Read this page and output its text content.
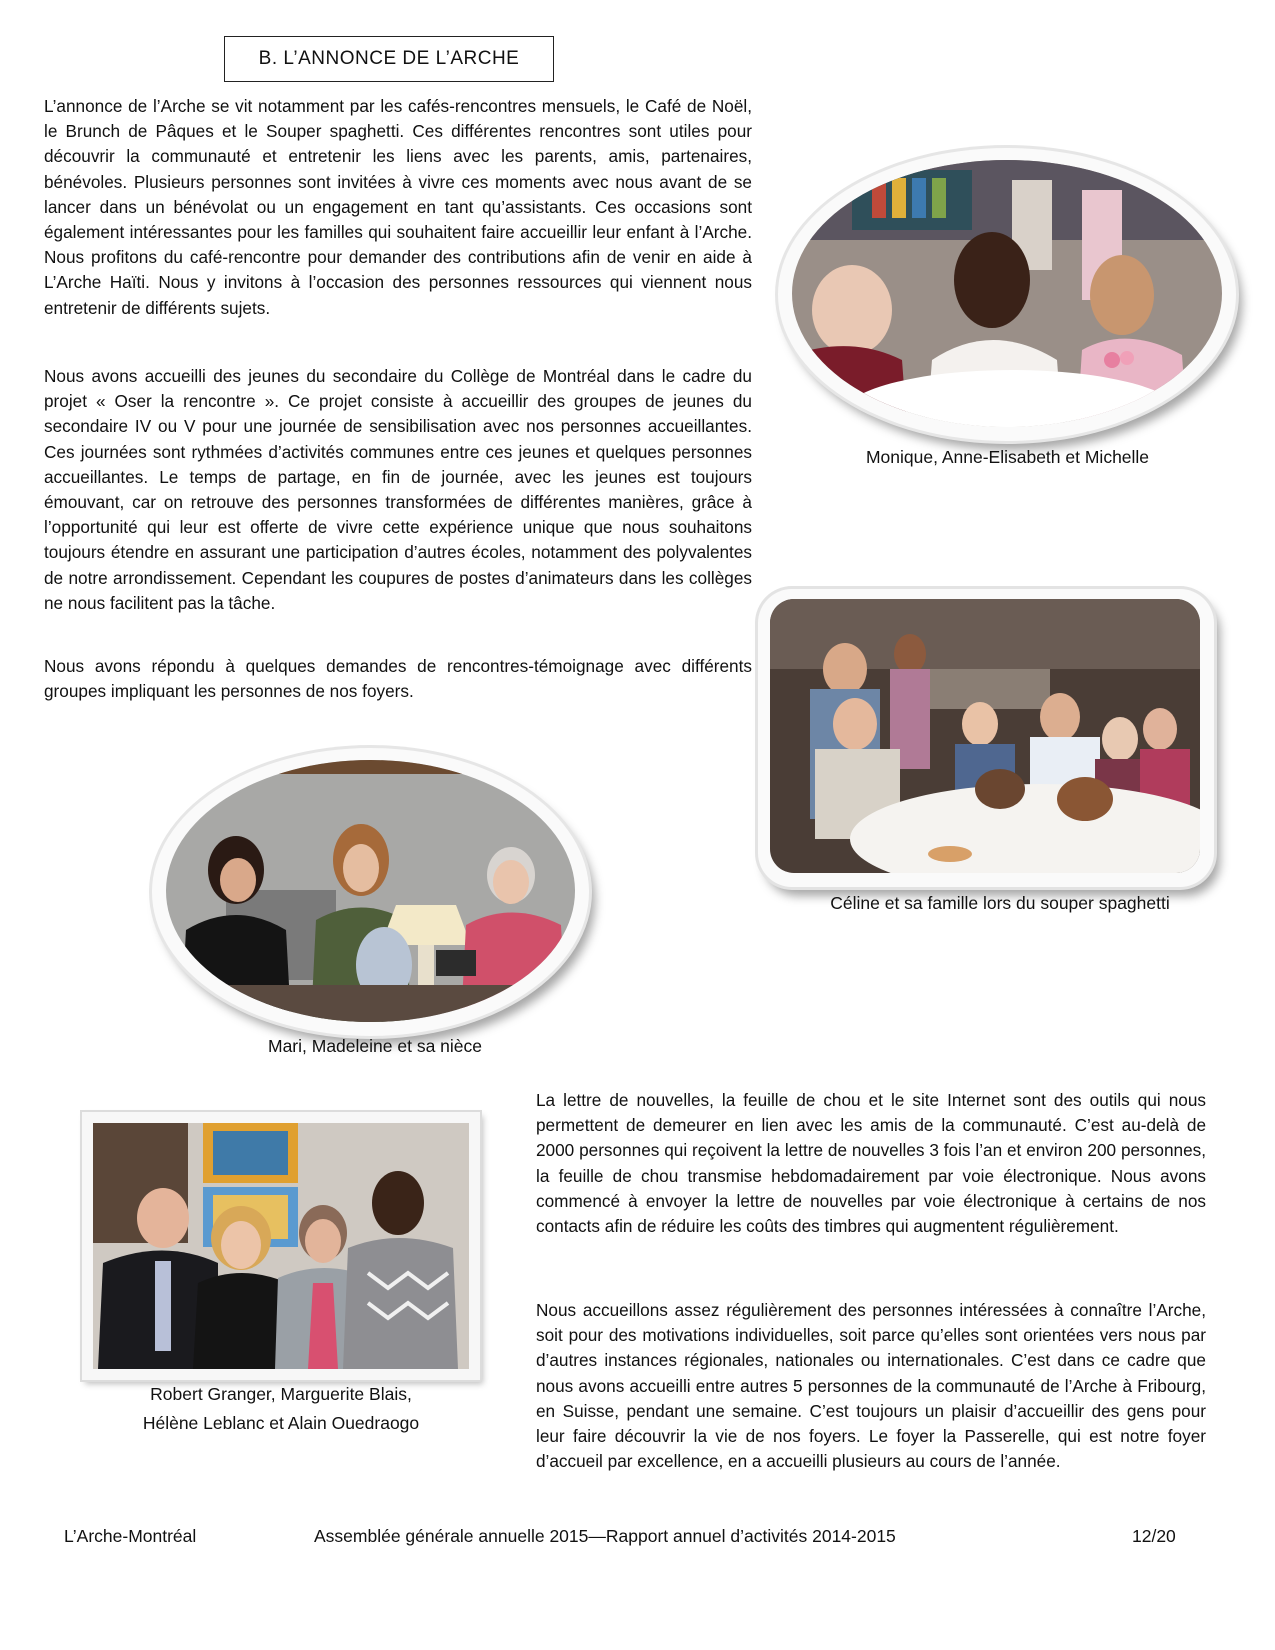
B. L’ANNONCE DE L’ARCHE

L’annonce de l’Arche se vit notamment par les cafés-rencontres mensuels, le Café de Noël, le Brunch de Pâques et le Souper spaghetti. Ces différentes rencontres sont utiles pour découvrir la communauté et entretenir les liens avec les parents, amis, partenaires, bénévoles. Plusieurs personnes sont invitées à vivre ces moments avec nous avant de se lancer dans un bénévolat ou un engagement en tant qu’assistants. Ces occasions sont également intéressantes pour les familles qui souhaitent faire accueillir leur enfant à l’Arche. Nous profitons du café-rencontre pour demander des contributions afin de venir en aide à L’Arche Haïti. Nous y invitons à l’occasion des personnes ressources qui viennent nous entretenir de différents sujets.

Nous avons accueilli des jeunes du secondaire du Collège de Montréal dans le cadre du projet « Oser la rencontre ». Ce projet consiste à accueillir des groupes de jeunes du secondaire IV ou V pour une journée de sensibilisation avec nos personnes accueillantes. Ces journées sont rythmées d’activités communes entre ces jeunes et quelques personnes accueillantes. Le temps de partage, en fin de journée, avec les jeunes est toujours émouvant, car on retrouve des personnes transformées de différentes manières, grâce à l’opportunité qui leur est offerte de vivre cette expérience unique que nous souhaitons toujours étendre en assurant une participation d’autres écoles, notamment des polyvalentes de notre arrondissement. Cependant les coupures de postes d’animateurs dans les collèges ne nous facilitent pas la tâche.

Nous avons répondu à quelques demandes de rencontres-témoignage avec différents groupes impliquant les personnes de nos foyers.

Monique, Anne-Elisabeth et Michelle

Céline et sa famille lors du souper spaghetti

Mari, Madeleine et sa nièce

Robert Granger, Marguerite Blais,
Hélène Leblanc et Alain Ouedraogo

La lettre de nouvelles, la feuille de chou et le site Internet sont des outils qui nous permettent de demeurer en lien avec les amis de la communauté. C’est au-delà de 2000 personnes qui reçoivent la lettre de nouvelles 3 fois l’an et environ 200 personnes, la feuille de chou transmise hebdomadairement par voie électronique. Nous avons commencé à envoyer la lettre de nouvelles par voie électronique à certains de nos contacts afin de réduire les coûts des timbres qui augmentent régulièrement.

Nous accueillons assez régulièrement des personnes intéressées à connaître l’Arche, soit pour des motivations individuelles, soit parce qu’elles sont orientées vers nous par d’autres instances régionales, nationales ou internationales. C’est dans ce cadre que nous avons accueilli entre autres 5 personnes de la communauté de l’Arche à Fribourg, en Suisse, pendant une semaine. C’est toujours un plaisir d’accueillir des gens pour leur faire découvrir la vie de nos foyers. Le foyer la Passerelle, qui est notre foyer d’accueil par excellence, en a accueilli plusieurs au cours de l’année.

L’Arche-Montréal	Assemblée générale annuelle 2015—Rapport annuel d’activités 2014-2015	12/20
